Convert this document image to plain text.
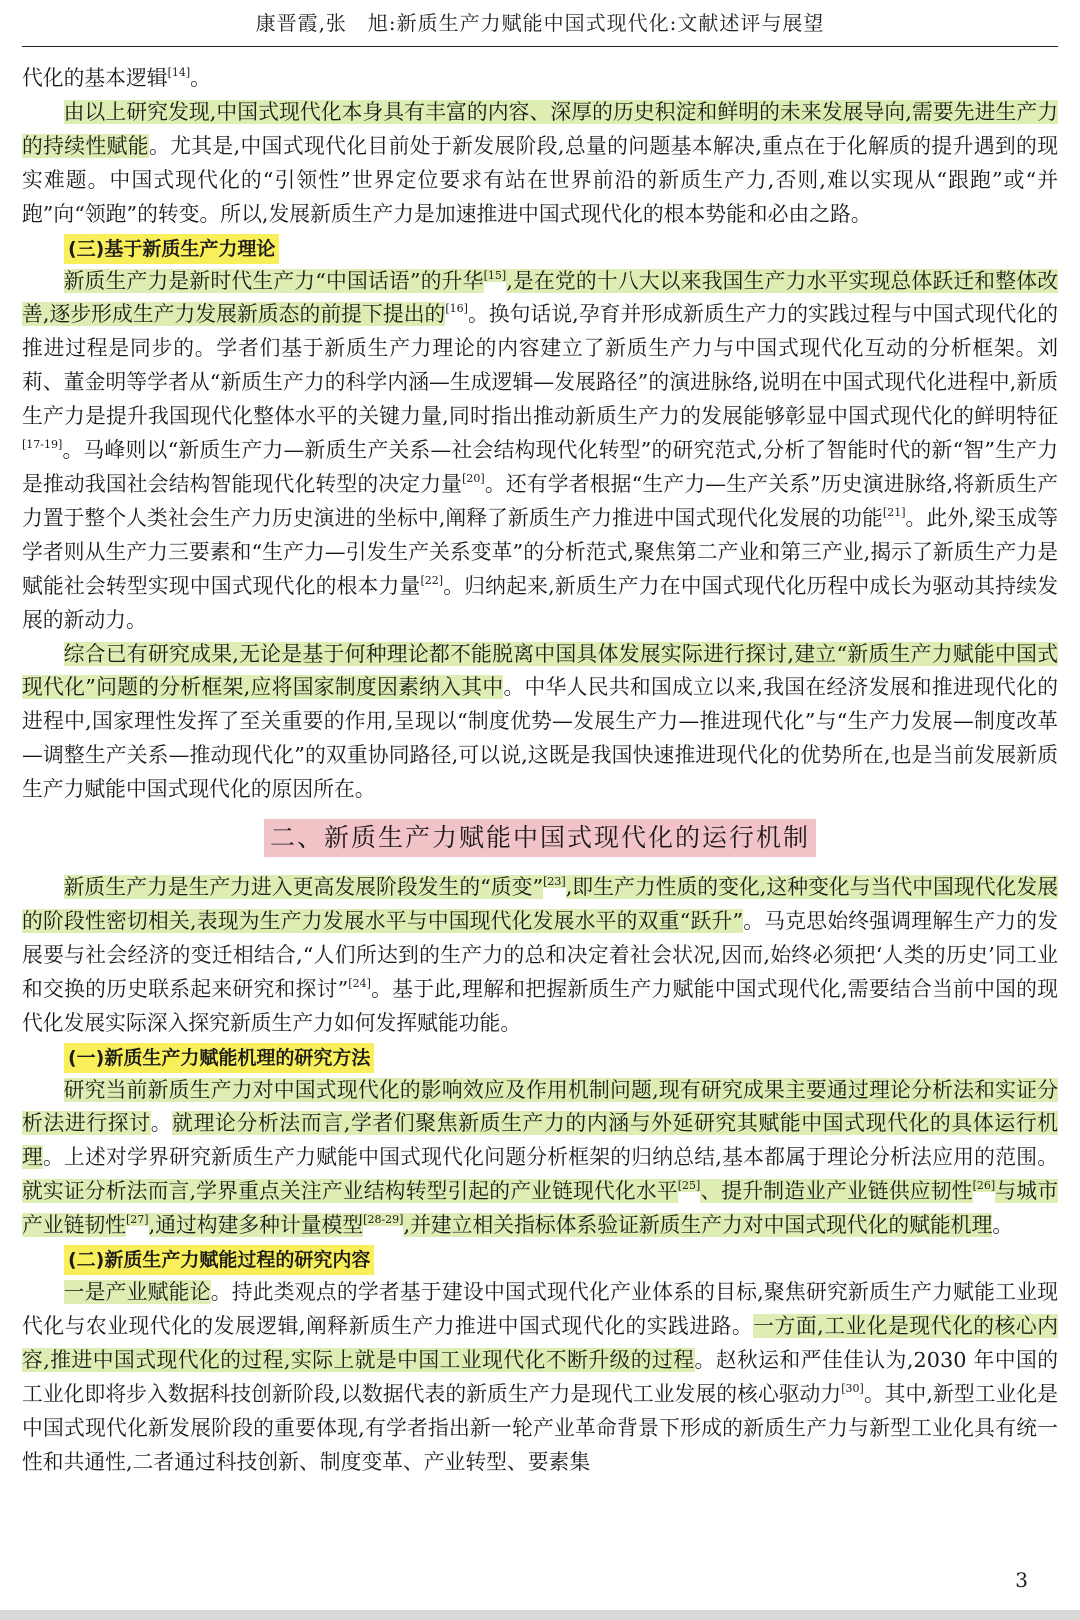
康晋霞,张　旭:新质生产力赋能中国式现代化:文献述评与展望

代化的基本逻辑[14]。

由以上研究发现,中国式现代化本身具有丰富的内容、深厚的历史积淀和鲜明的未来发展导向,需要先进生产力的持续性赋能。尤其是,中国式现代化目前处于新发展阶段,总量的问题基本解决,重点在于化解质的提升遇到的现实难题。中国式现代化的“引领性”世界定位要求有站在世界前沿的新质生产力,否则,难以实现从“跟跑”或“并跑”向“领跑”的转变。所以,发展新质生产力是加速推进中国式现代化的根本势能和必由之路。

(三)基于新质生产力理论

新质生产力是新时代生产力“中国话语”的升华[15],是在党的十八大以来我国生产力水平实现总体跃迁和整体改善,逐步形成生产力发展新质态的前提下提出的[16]。换句话说,孕育并形成新质生产力的实践过程与中国式现代化的推进过程是同步的。学者们基于新质生产力理论的内容建立了新质生产力与中国式现代化互动的分析框架。刘莉、董金明等学者从“新质生产力的科学内涵—生成逻辑—发展路径”的演进脉络,说明在中国式现代化进程中,新质生产力是提升我国现代化整体水平的关键力量,同时指出推动新质生产力的发展能够彰显中国式现代化的鲜明特征[17-19]。马峰则以“新质生产力—新质生产关系—社会结构现代化转型”的研究范式,分析了智能时代的新“智”生产力是推动我国社会结构智能现代化转型的决定力量[20]。还有学者根据“生产力—生产关系”历史演进脉络,将新质生产力置于整个人类社会生产力历史演进的坐标中,阐释了新质生产力推进中国式现代化发展的功能[21]。此外,梁玉成等学者则从生产力三要素和“生产力—引发生产关系变革”的分析范式,聚焦第二产业和第三产业,揭示了新质生产力是赋能社会转型实现中国式现代化的根本力量[22]。归纳起来,新质生产力在中国式现代化历程中成长为驱动其持续发展的新动力。

综合已有研究成果,无论是基于何种理论都不能脱离中国具体发展实际进行探讨,建立“新质生产力赋能中国式现代化”问题的分析框架,应将国家制度因素纳入其中。中华人民共和国成立以来,我国在经济发展和推进现代化的进程中,国家理性发挥了至关重要的作用,呈现以“制度优势—发展生产力—推进现代化”与“生产力发展—制度改革—调整生产关系—推动现代化”的双重协同路径,可以说,这既是我国快速推进现代化的优势所在,也是当前发展新质生产力赋能中国式现代化的原因所在。

二、新质生产力赋能中国式现代化的运行机制

新质生产力是生产力进入更高发展阶段发生的“质变”[23],即生产力性质的变化,这种变化与当代中国现代化发展的阶段性密切相关,表现为生产力发展水平与中国现代化发展水平的双重“跃升”。马克思始终强调理解生产力的发展要与社会经济的变迁相结合,“人们所达到的生产力的总和决定着社会状况,因而,始终必须把‘人类的历史’同工业和交换的历史联系起来研究和探讨”[24]。基于此,理解和把握新质生产力赋能中国式现代化,需要结合当前中国的现代化发展实际深入探究新质生产力如何发挥赋能功能。

(一)新质生产力赋能机理的研究方法

研究当前新质生产力对中国式现代化的影响效应及作用机制问题,现有研究成果主要通过理论分析法和实证分析法进行探讨。就理论分析法而言,学者们聚焦新质生产力的内涵与外延研究其赋能中国式现代化的具体运行机理。上述对学界研究新质生产力赋能中国式现代化问题分析框架的归纳总结,基本都属于理论分析法应用的范围。就实证分析法而言,学界重点关注产业结构转型引起的产业链现代化水平[25]、提升制造业产业链供应韧性[26]与城市产业链韧性[27],通过构建多种计量模型[28-29],并建立相关指标体系验证新质生产力对中国式现代化的赋能机理。

(二)新质生产力赋能过程的研究内容

一是产业赋能论。持此类观点的学者基于建设中国式现代化产业体系的目标,聚焦研究新质生产力赋能工业现代化与农业现代化的发展逻辑,阐释新质生产力推进中国式现代化的实践进路。一方面,工业化是现代化的核心内容,推进中国式现代化的过程,实际上就是中国工业现代化不断升级的过程。赵秋运和严佳佳认为,2030 年中国的工业化即将步入数据科技创新阶段,以数据代表的新质生产力是现代工业发展的核心驱动力[30]。其中,新型工业化是中国式现代化新发展阶段的重要体现,有学者指出新一轮产业革命背景下形成的新质生产力与新型工业化具有统一性和共通性,二者通过科技创新、制度变革、产业转型、要素集

3
